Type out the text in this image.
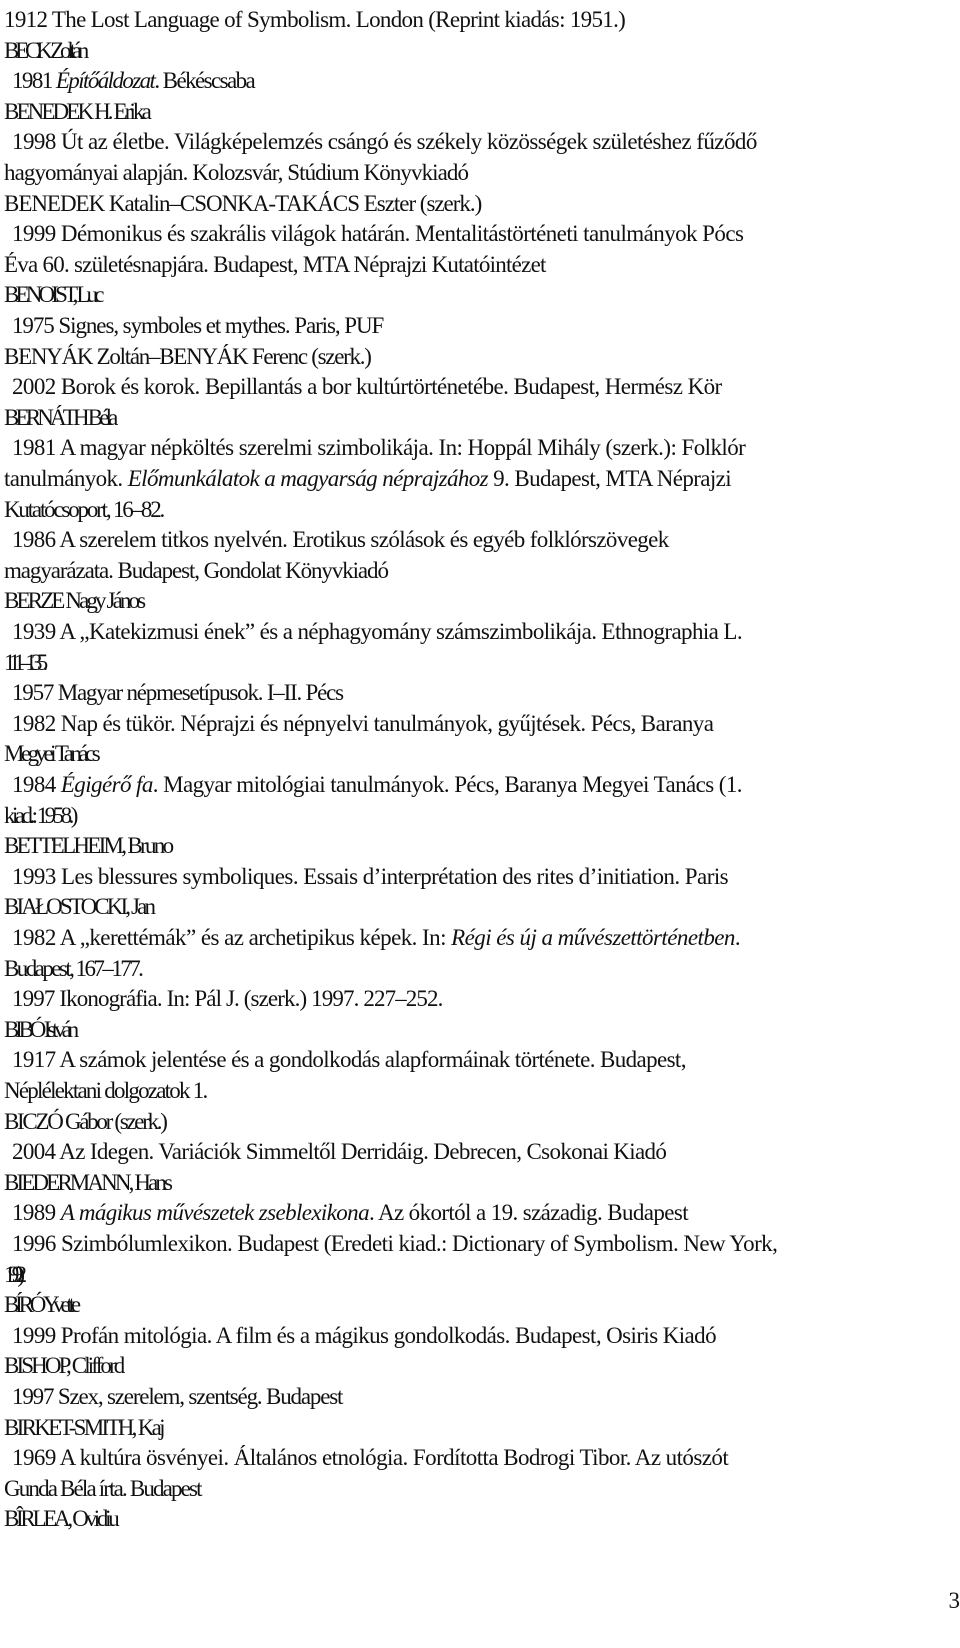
1912 The Lost Language of Symbolism. London (Reprint kiadás: 1951.)
BECK Zoltán
1981 Építőáldozat. Békéscsaba
BENEDEK H. Erika
1998 Út az életbe. Világképelemzés csángó és székely közösségek születéshez fűződő
hagyományai alapján. Kolozsvár, Stúdium Könyvkiadó
BENEDEK Katalin–CSONKA-TAKÁCS Eszter (szerk.)
1999 Démonikus és szakrális világok határán. Mentalitástörténeti tanulmányok Pócs
Éva 60. születésnapjára. Budapest, MTA Néprajzi Kutatóintézet
BENOIST, Luc
1975 Signes, symboles et mythes. Paris, PUF
BENYÁK Zoltán–BENYÁK Ferenc (szerk.)
2002 Borok és korok. Bepillantás a bor kultúrtörténetébe. Budapest, Hermész Kör
BERNÁTH Béla
1981 A magyar népköltés szerelmi szimbolikája. In: Hoppál Mihály (szerk.): Folklór
tanulmányok. Előmunkálatok a magyarság néprajzához 9. Budapest, MTA Néprajzi
Kutatócsoport, 16–82.
1986 A szerelem titkos nyelvén. Erotikus szólások és egyéb folklórszövegek
magyarázata. Budapest, Gondolat Könyvkiadó
BERZE Nagy János
1939 A „Katekizmusi ének” és a néphagyomány számszimbolikája. Ethnographia L.
111–135.
1957 Magyar népmesetípusok. I–II. Pécs
1982 Nap és tükör. Néprajzi és népnyelvi tanulmányok, gyűjtések. Pécs, Baranya
Megyei Tanács
1984 Égigérő fa. Magyar mitológiai tanulmányok. Pécs, Baranya Megyei Tanács (1.
kiad.: 1958.)
BETTELHEIM, Bruno
1993 Les blessures symboliques. Essais d’interprétation des rites d’initiation. Paris
BIAŁOSTOCKI, Jan
1982 A „kerettémák” és az archetipikus képek. In: Régi és új a művészettörténetben.
Budapest, 167–177.
1997 Ikonográfia. In: Pál J. (szerk.) 1997. 227–252.
BIBÓ István
1917 A számok jelentése és a gondolkodás alapformáinak története. Budapest,
Néplélektani dolgozatok 1.
BICZÓ Gábor (szerk.)
2004 Az Idegen. Variációk Simmeltől Derridáig. Debrecen, Csokonai Kiadó
BIEDERMANN, Hans
1989 A mágikus művészetek zseblexikona. Az ókortól a 19. századig. Budapest
1996 Szimbólumlexikon. Budapest (Eredeti kiad.: Dictionary of Symbolism. New York,
1992.)
BÍRÓ Yvette
1999 Profán mitológia. A film és a mágikus gondolkodás. Budapest, Osiris Kiadó
BISHOP, Clifford
1997 Szex, szerelem, szentség. Budapest
BIRKET-SMITH, Kaj
1969 A kultúra ösvényei. Általános etnológia. Fordította Bodrogi Tibor. Az utószót
Gunda Béla írta. Budapest
BÎRLEA, Ovidiu
3
